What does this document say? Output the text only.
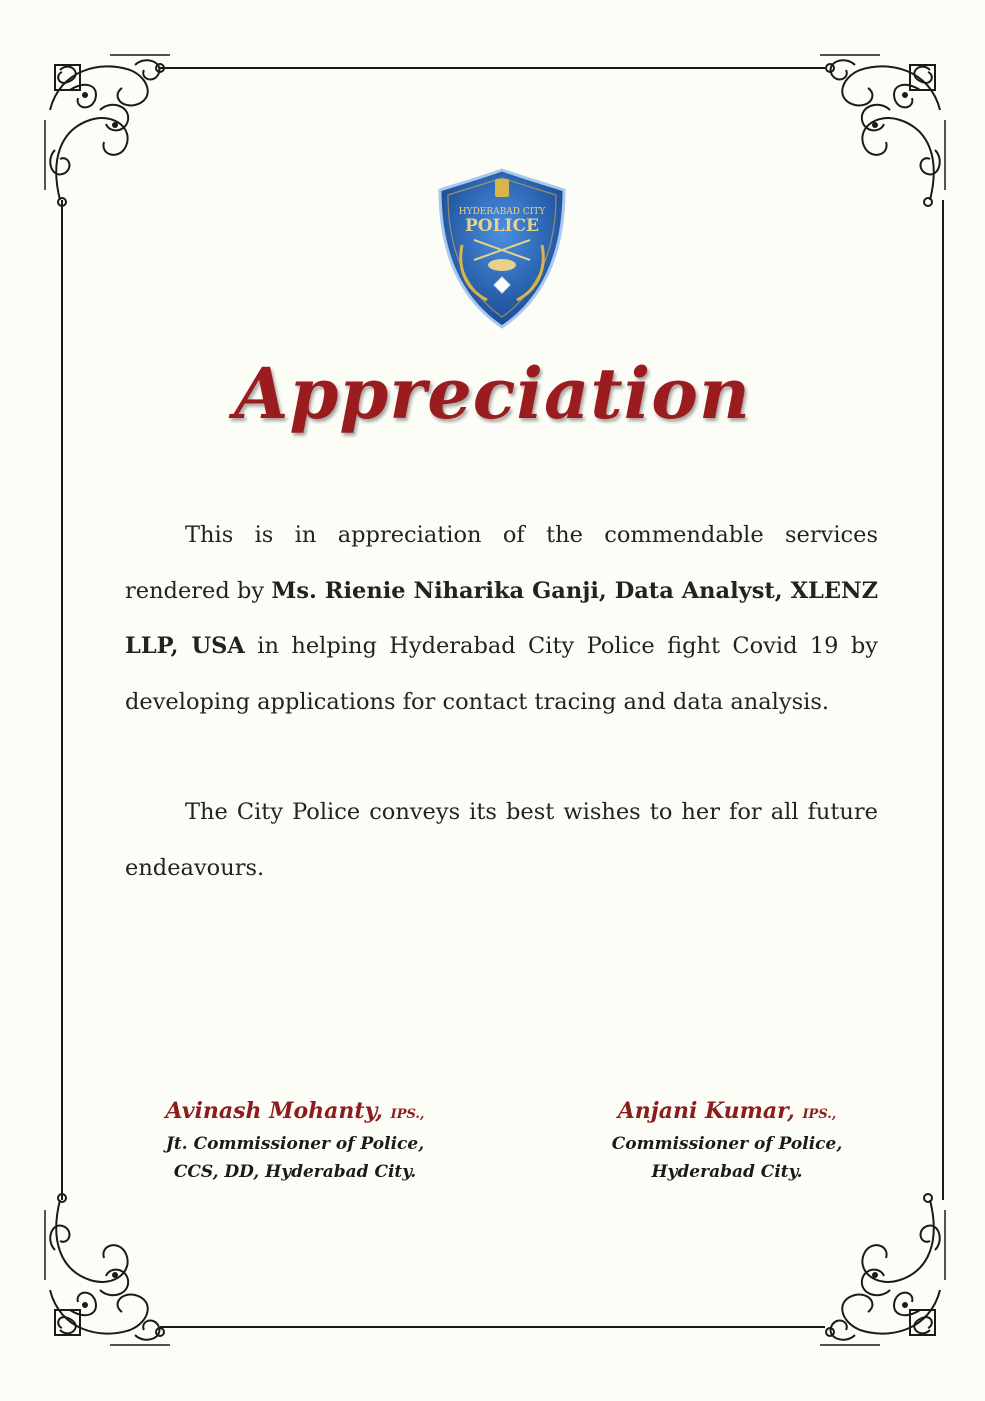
HYDERABAD CITY
POLICE
Appreciation

This is in appreciation of the commendable services rendered by Ms. Rienie Niharika Ganji, Data Analyst, XLENZ LLP, USA in helping Hyderabad City Police fight Covid 19 by developing applications for contact tracing and data analysis.

The City Police conveys its best wishes to her for all future endeavours.

Avinash Mohanty, IPS.,
Jt. Commissioner of Police,
CCS, DD, Hyderabad City.
Anjani Kumar, IPS.,
Commissioner of Police,
Hyderabad City.
